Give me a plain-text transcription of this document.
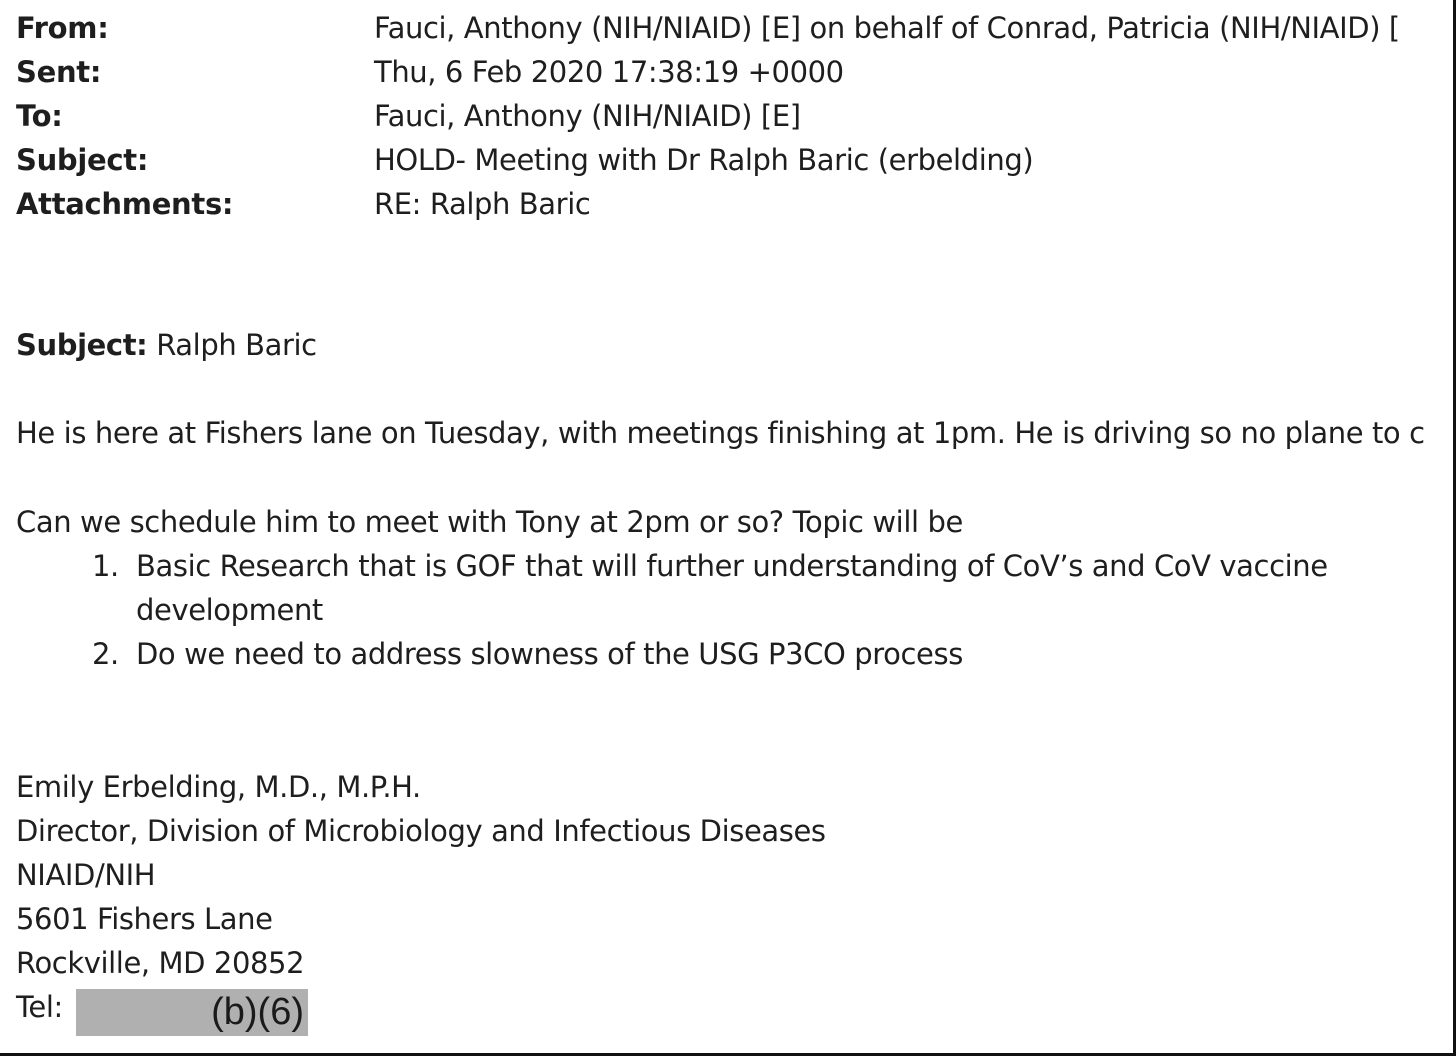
From:	Fauci, Anthony (NIH/NIAID) [E] on behalf of Conrad, Patricia (NIH/NIAID) [
Sent:	Thu, 6 Feb 2020 17:38:19 +0000
To:	Fauci, Anthony (NIH/NIAID) [E]
Subject:	HOLD- Meeting with Dr Ralph Baric (erbelding)
Attachments:	RE: Ralph Baric
Subject: Ralph Baric
He is here at Fishers lane on Tuesday, with meetings finishing at 1pm. He is driving so no plane to c
Can we schedule him to meet with Tony at 2pm or so? Topic will be
1. Basic Research that is GOF that will further understanding of CoV’s and CoV vaccine
development
2. Do we need to address slowness of the USG P3CO process
Emily Erbelding, M.D., M.P.H.
Director, Division of Microbiology and Infectious Diseases
NIAID/NIH
5601 Fishers Lane
Rockville, MD 20852
Tel:	(b)(6)
